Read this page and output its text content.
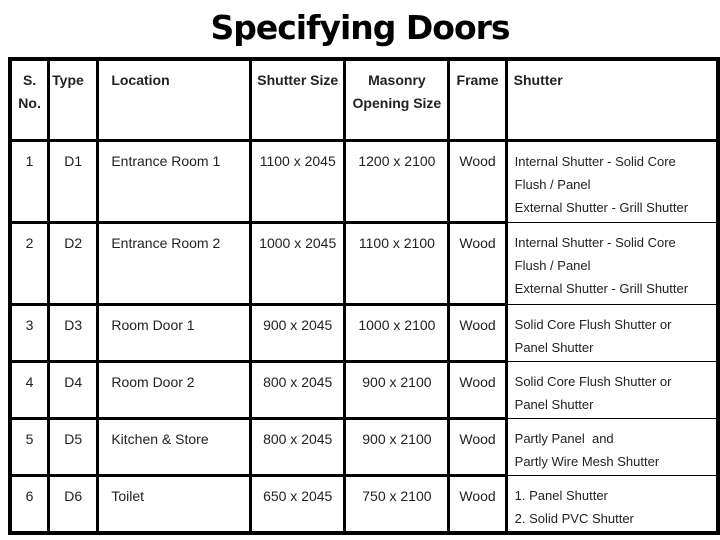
Specifying Doors
S. No.	Type	Location	Shutter Size	Masonry Opening Size	Frame	Shutter
1	D1	Entrance Room 1	1100 x 2045	1200 x 2100	Wood	Internal Shutter - Solid Core
Flush / Panel
External Shutter - Grill Shutter

2	D2	Entrance Room 2	1000 x 2045	1100 x 2100	Wood	Internal Shutter - Solid Core
Flush / Panel
External Shutter - Grill Shutter

3	D3	Room Door 1	900 x 2045	1000 x 2100	Wood	Solid Core Flush Shutter or
Panel Shutter

4	D4	Room Door 2	800 x 2045	900 x 2100	Wood	Solid Core Flush Shutter or
Panel Shutter

5	D5	Kitchen & Store	800 x 2045	900 x 2100	Wood	Partly Panel  and
Partly Wire Mesh Shutter

6	D6	Toilet	650 x 2045	750 x 2100	Wood	1. Panel Shutter
2. Solid PVC Shutter
